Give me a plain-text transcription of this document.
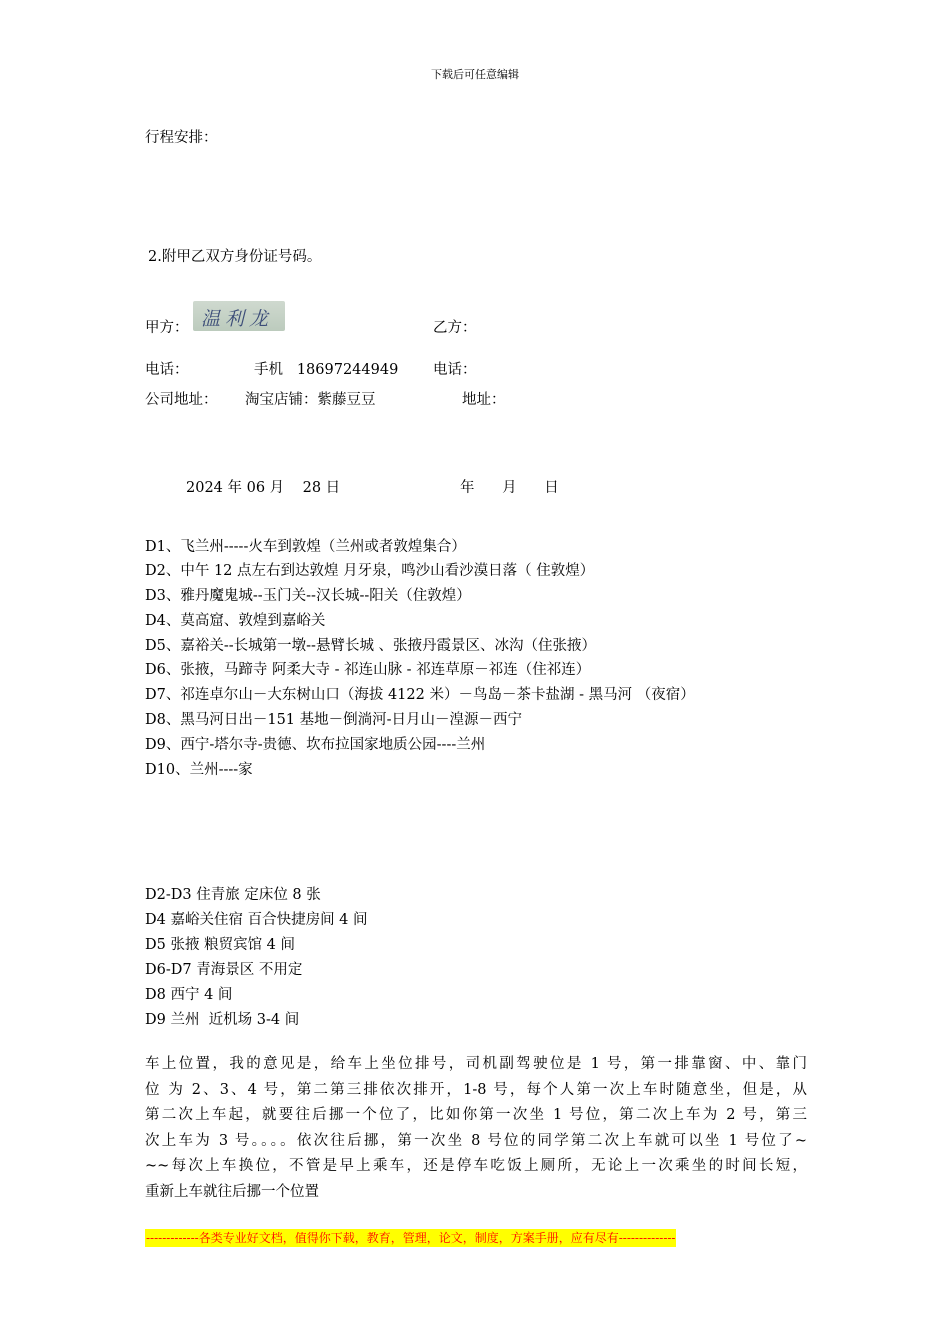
下载后可任意编辑
行程安排：
2.附甲乙双方身份证号码。
甲方： 温利龙	乙方：
电话：	手机   18697244949 电话：
公司地址： 淘宝店铺：紫藤豆豆	地址：
2024 年 06 月    28 日	年      月      日
D1、飞兰州-----火车到敦煌（兰州或者敦煌集合）
D2、中午 12 点左右到达敦煌 月牙泉，鸣沙山看沙漠日落（ 住敦煌）
D3、雅丹魔鬼城--玉门关--汉长城--阳关（住敦煌）
D4、莫高窟、敦煌到嘉峪关
D5、嘉裕关--长城第一墩--悬臂长城 、张掖丹霞景区、冰沟（住张掖）
D6、张掖，马蹄寺 阿柔大寺 - 祁连山脉 - 祁连草原－祁连（住祁连）
D7、祁连卓尔山－大东树山口（海拔 4122 米）－鸟岛－茶卡盐湖 - 黑马河 （夜宿）
D8、黑马河日出－151 基地－倒淌河-日月山－湟源－西宁
D9、西宁-塔尔寺-贵德、坎布拉国家地质公园----兰州
D10、兰州----家
D2-D3 住青旅 定床位 8 张
D4 嘉峪关住宿 百合快捷房间 4 间
D5 张掖 粮贸宾馆 4 间
D6-D7 青海景区 不用定
D8 西宁 4 间
D9 兰州  近机场 3-4 间
车上位置，我的意见是，给车上坐位排号，司机副驾驶位是 1 号，第一排靠窗、中、靠门
位 为 2、3、4 号，第二第三排依次排开，1-8 号，每个人第一次上车时随意坐，但是，从
第二次上车起，就要往后挪一个位了，比如你第一次坐 1 号位，第二次上车为 2 号，第三
次上车为 3 号。。。。依次往后挪，第一次坐 8 号位的同学第二次上车就可以坐 1 号位了~
~~每次上车换位，不管是早上乘车，还是停车吃饭上厕所，无论上一次乘坐的时间长短，
重新上车就往后挪一个位置
-------------各类专业好文档，值得你下载，教育，管理，论文，制度，方案手册，应有尽有--------------
